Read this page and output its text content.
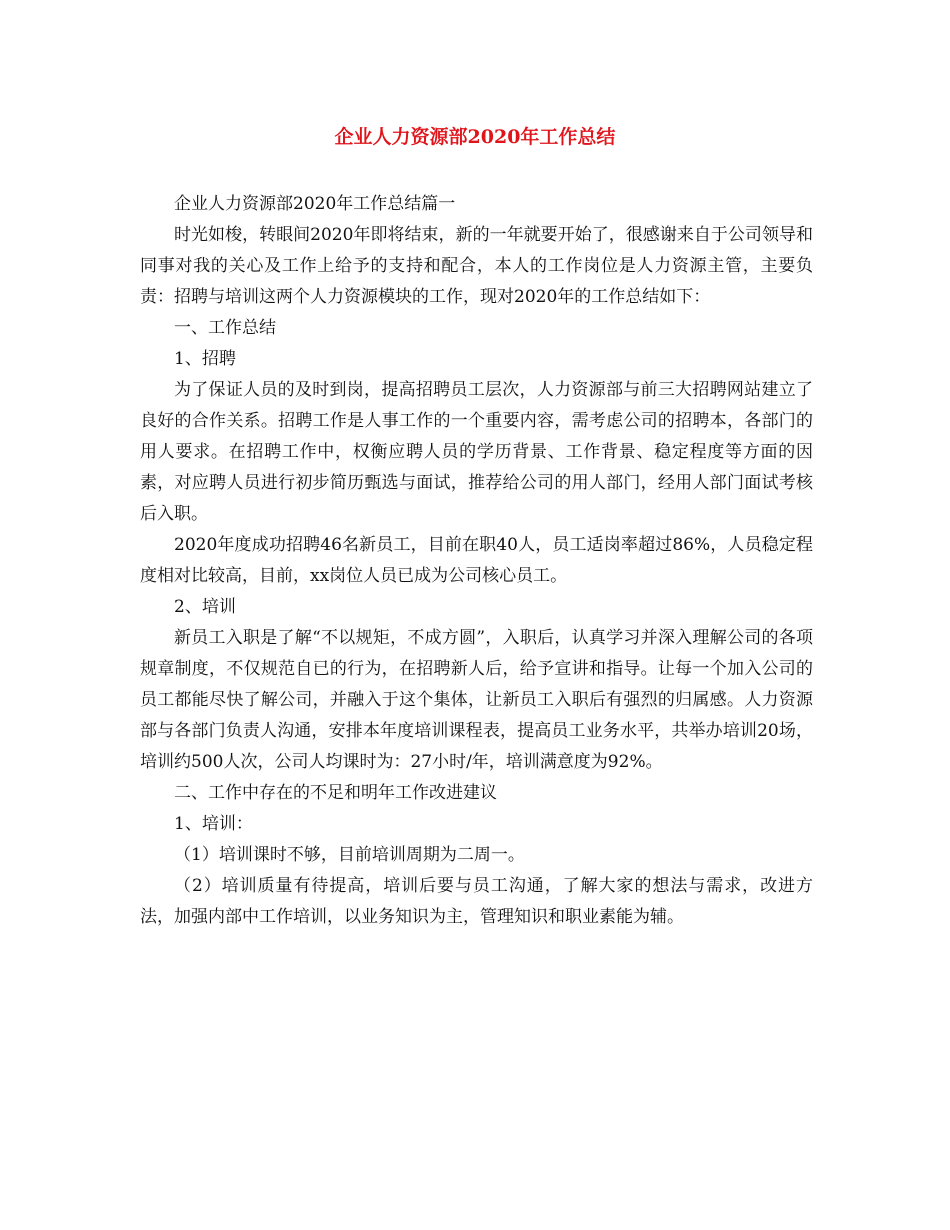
企业人力资源部2020年工作总结

企业人力资源部2020年工作总结篇一

时光如梭，转眼间2020年即将结束，新的一年就要开始了，很感谢来自于公司领导和同事对我的关心及工作上给予的支持和配合，本人的工作岗位是人力资源主管，主要负责：招聘与培训这两个人力资源模块的工作，现对2020年的工作总结如下：

一、工作总结

1、招聘

为了保证人员的及时到岗，提高招聘员工层次，人力资源部与前三大招聘网站建立了良好的合作关系。招聘工作是人事工作的一个重要内容，需考虑公司的招聘本，各部门的用人要求。在招聘工作中，权衡应聘人员的学历背景、工作背景、稳定程度等方面的因素，对应聘人员进行初步简历甄选与面试，推荐给公司的用人部门，经用人部门面试考核后入职。

2020年度成功招聘46名新员工，目前在职40人，员工适岗率超过86%，人员稳定程度相对比较高，目前，xx岗位人员已成为公司核心员工。

2、培训

新员工入职是了解“不以规矩，不成方圆”，入职后，认真学习并深入理解公司的各项规章制度，不仅规范自已的行为，在招聘新人后，给予宣讲和指导。让每一个加入公司的员工都能尽快了解公司，并融入于这个集体，让新员工入职后有强烈的归属感。人力资源部与各部门负责人沟通，安排本年度培训课程表，提高员工业务水平，共举办培训20场，培训约500人次，公司人均课时为：27小时/年，培训满意度为92%。

二、工作中存在的不足和明年工作改进建议

1、培训：

（1）培训课时不够，目前培训周期为二周一。

（2）培训质量有待提高，培训后要与员工沟通，了解大家的想法与需求，改进方法，加强内部中工作培训，以业务知识为主，管理知识和职业素能为辅。
